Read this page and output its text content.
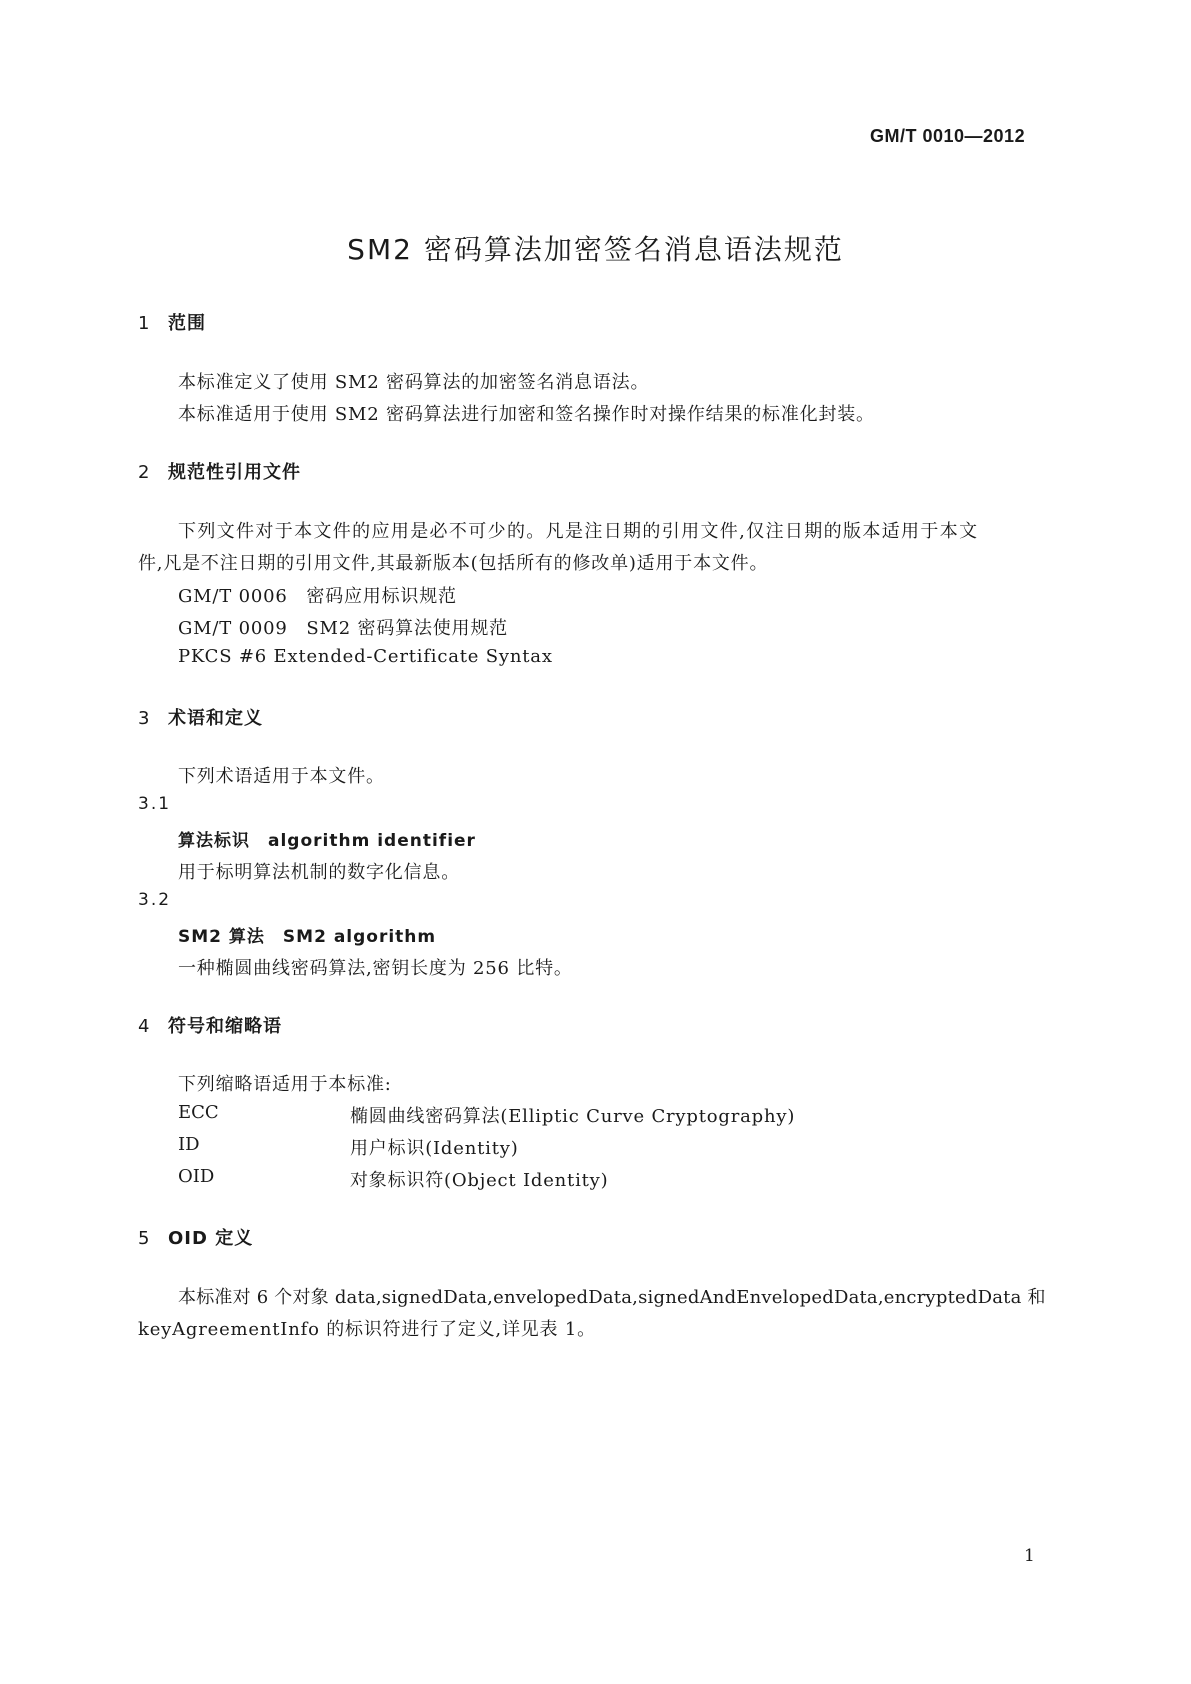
GM/T 0010—2012
SM2 密码算法加密签名消息语法规范
1 范围
本标准定义了使用 SM2 密码算法的加密签名消息语法。
本标准适用于使用 SM2 密码算法进行加密和签名操作时对操作结果的标准化封装。
2 规范性引用文件
下列文件对于本文件的应用是必不可少的。凡是注日期的引用文件,仅注日期的版本适用于本文
件,凡是不注日期的引用文件,其最新版本(包括所有的修改单)适用于本文件。
GM/T 0006　密码应用标识规范
GM/T 0009　SM2 密码算法使用规范
PKCS #6 Extended-Certificate Syntax
3 术语和定义
下列术语适用于本文件。
3.1
算法标识　algorithm identifier
用于标明算法机制的数字化信息。
3.2
SM2 算法　SM2 algorithm
一种椭圆曲线密码算法,密钥长度为 256 比特。
4 符号和缩略语
下列缩略语适用于本标准:
ECC	椭圆曲线密码算法(Elliptic Curve Cryptography)
ID	用户标识(Identity)
OID	对象标识符(Object Identity)
5 OID 定义
本标准对 6 个对象 data,signedData,envelopedData,signedAndEnvelopedData,encryptedData 和
keyAgreementInfo 的标识符进行了定义,详见表 1。
1
